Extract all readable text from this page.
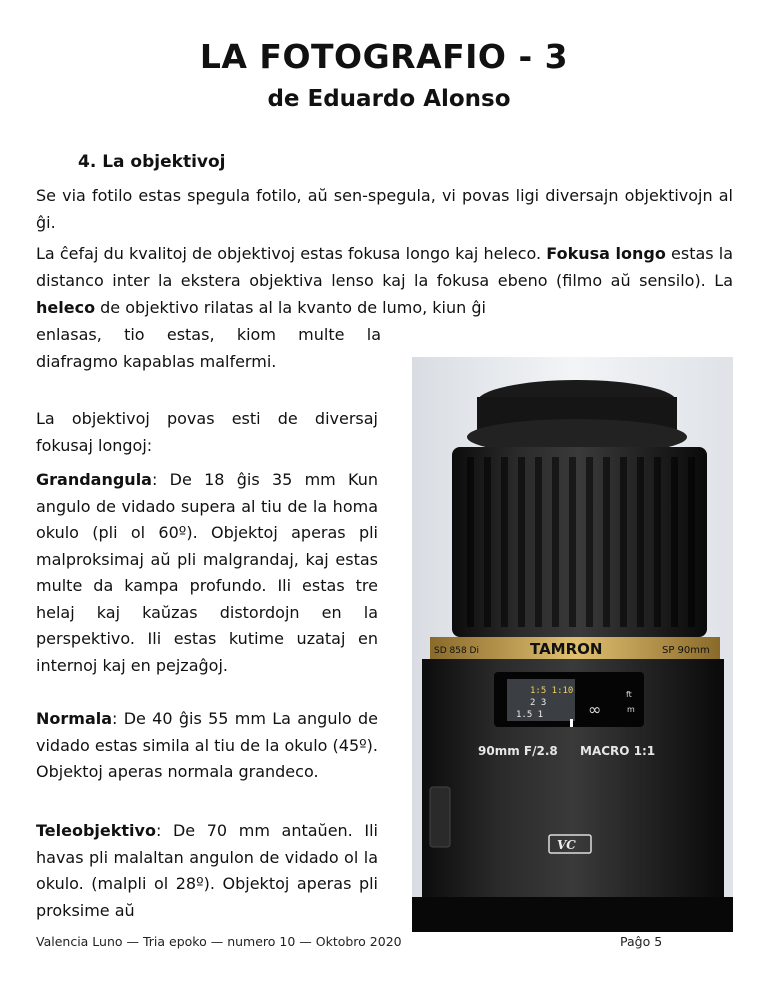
LA FOTOGRAFIO - 3
de Eduardo Alonso
4. La objektivoj

Se via fotilo estas spegula fotilo, aŭ sen-spegula, vi povas ligi diversajn objektivojn al ĝi.

La ĉefaj du kvalitoj de objektivoj estas fokusa longo kaj heleco. Fokusa longo estas la distanco inter la ekstera objektiva lenso kaj la fokusa ebeno (filmo aŭ sensilo). La heleco de objektivo rilatas al la kvanto de lumo, kiun ĝi

enlasas, tio estas, kiom multe la diafragmo kapablas malfermi.

La objektivoj povas esti de diversaj fokusaj longoj:

Grandangula: De 18 ĝis 35 mm Kun angulo de vidado supera al tiu de la homa okulo (pli ol 60º). Objektoj aperas pli malproksimaj aŭ pli malgrandaj, kaj estas multe da kampa profundo. Ili estas tre helaj kaj kaŭzas distordojn en la perspektivo. Ili estas kutime uzataj en internoj kaj en pejzaĝoj.

Normala: De 40 ĝis 55 mm La angulo de vidado estas simila al tiu de la okulo (45º). Objektoj aperas normala grandeco.

Teleobjektivo: De 70 mm antaŭen. Ili havas pli malaltan angulon de vidado ol la okulo. (malpli ol 28º). Objektoj aperas pli proksime aŭ

SD 858 Di	TAMRON	SP 90mm
1:5 1:10
2 3
1.5 1	∞
ft
m
90mm F/2.8 MACRO 1:1
VC
Valencia Luno — Tria epoko — numero 10 — Oktobro 2020	Paĝo 5
